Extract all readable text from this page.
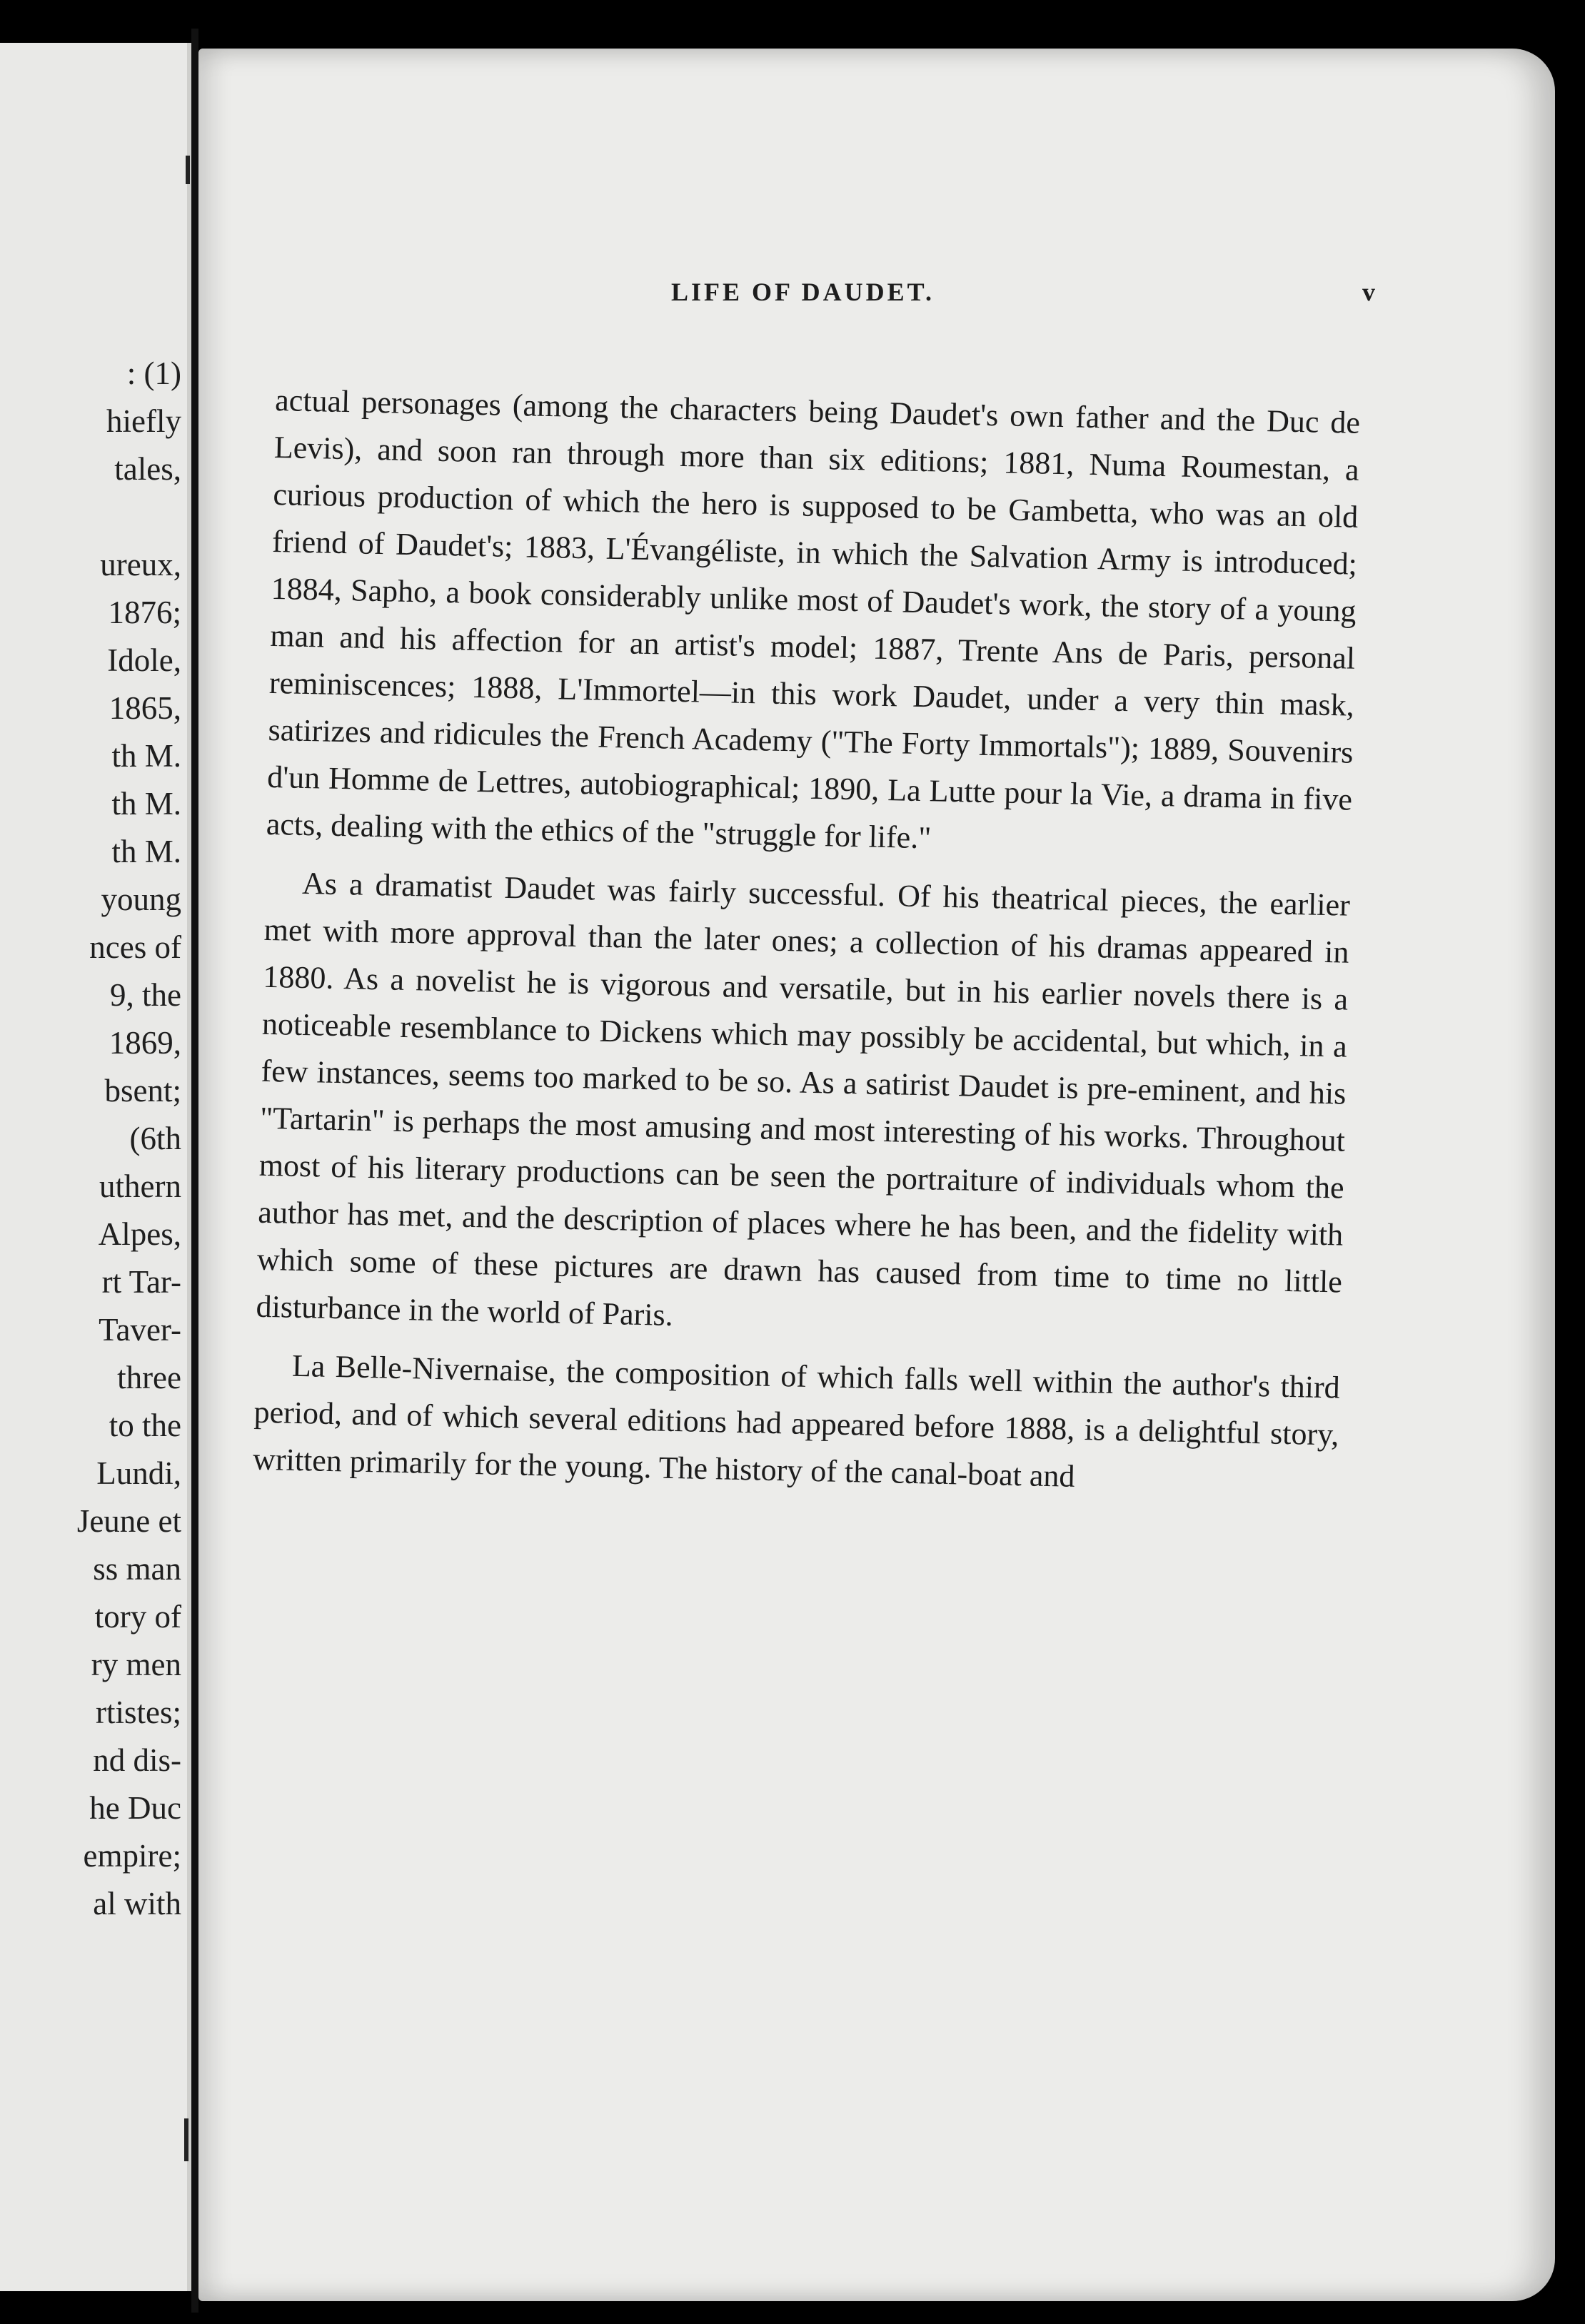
: (1)
hiefly
tales,
ureux,
1876;
Idole,
1865,
th M.
th M.
th M.
young
nces of
9, the
1869,
bsent;
(6th
uthern
Alpes,
rt Tar-
Taver-
three
to the
Lundi,
Jeune et
ss man
tory of
ry men
rtistes;
nd dis-
he Duc
empire;
al with
LIFE OF DAUDET.	v

actual personages (among the characters being Daudet's own father and the Duc de Levis), and soon ran through more than six editions; 1881, Numa Roumestan, a curious production of which the hero is supposed to be Gambetta, who was an old friend of Daudet's; 1883, L'Évangéliste, in which the Salvation Army is introduced; 1884, Sapho, a book considerably unlike most of Daudet's work, the story of a young man and his affection for an artist's model; 1887, Trente Ans de Paris, personal reminiscences; 1888, L'Immortel—in this work Daudet, under a very thin mask, satirizes and ridicules the French Academy ("The Forty Immortals"); 1889, Souvenirs d'un Homme de Lettres, autobiographical; 1890, La Lutte pour la Vie, a drama in five acts, dealing with the ethics of the "struggle for life."

As a dramatist Daudet was fairly successful. Of his theatrical pieces, the earlier met with more approval than the later ones; a collection of his dramas appeared in 1880. As a novelist he is vigorous and versatile, but in his earlier novels there is a noticeable resemblance to Dickens which may possibly be accidental, but which, in a few instances, seems too marked to be so. As a satirist Daudet is pre-eminent, and his "Tartarin" is perhaps the most amusing and most interesting of his works. Throughout most of his literary productions can be seen the portraiture of individuals whom the author has met, and the description of places where he has been, and the fidelity with which some of these pictures are drawn has caused from time to time no little disturbance in the world of Paris.

La Belle-Nivernaise, the composition of which falls well within the author's third period, and of which several editions had appeared before 1888, is a delightful story, written primarily for the young. The history of the canal-boat and
